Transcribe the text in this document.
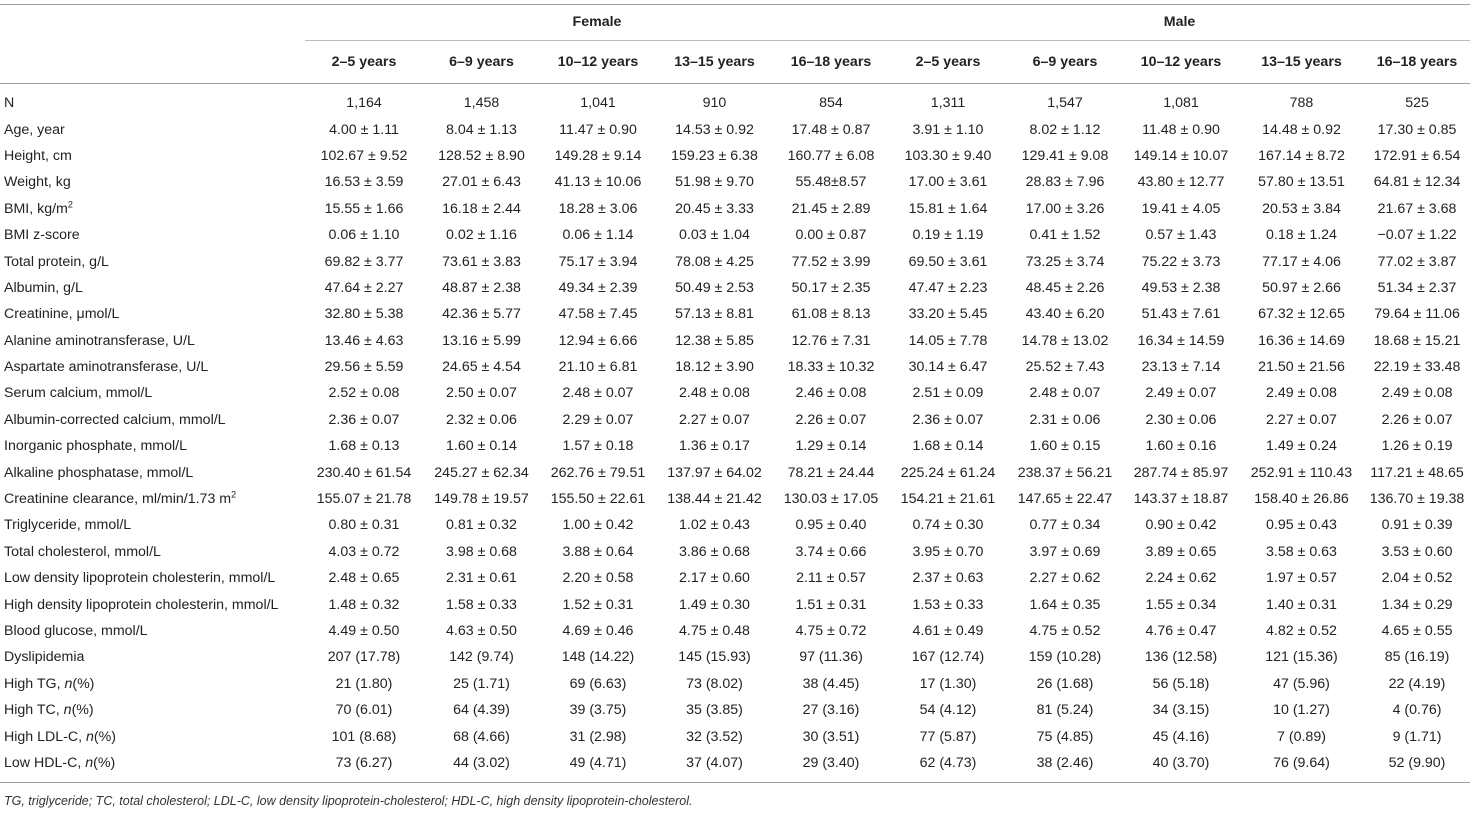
	Female					Male				
	2–5 years	6–9 years	10–12 years	13–15 years	16–18 years	2–5 years	6–9 years	10–12 years	13–15 years	16–18 years
N	1,164	1,458	1,041	910	854	1,311	1,547	1,081	788	525
Age, year	4.00 ± 1.11	8.04 ± 1.13	11.47 ± 0.90	14.53 ± 0.92	17.48 ± 0.87	3.91 ± 1.10	8.02 ± 1.12	11.48 ± 0.90	14.48 ± 0.92	17.30 ± 0.85
Height, cm	102.67 ± 9.52	128.52 ± 8.90	149.28 ± 9.14	159.23 ± 6.38	160.77 ± 6.08	103.30 ± 9.40	129.41 ± 9.08	149.14 ± 10.07	167.14 ± 8.72	172.91 ± 6.54
Weight, kg	16.53 ± 3.59	27.01 ± 6.43	41.13 ± 10.06	51.98 ± 9.70	55.48±8.57	17.00 ± 3.61	28.83 ± 7.96	43.80 ± 12.77	57.80 ± 13.51	64.81 ± 12.34
BMI, $kg/m^2$	15.55 ± 1.66	16.18 ± 2.44	18.28 ± 3.06	20.45 ± 3.33	21.45 ± 2.89	15.81 ± 1.64	17.00 ± 3.26	19.41 ± 4.05	20.53 ± 3.84	21.67 ± 3.68
BMI z-score	0.06 ± 1.10	0.02 ± 1.16	0.06 ± 1.14	0.03 ± 1.04	0.00 ± 0.87	0.19 ± 1.19	0.41 ± 1.52	0.57 ± 1.43	0.18 ± 1.24	−0.07 ± 1.22
Total protein, g/L	69.82 ± 3.77	73.61 ± 3.83	75.17 ± 3.94	78.08 ± 4.25	77.52 ± 3.99	69.50 ± 3.61	73.25 ± 3.74	75.22 ± 3.73	77.17 ± 4.06	77.02 ± 3.87
Albumin, g/L	47.64 ± 2.27	48.87 ± 2.38	49.34 ± 2.39	50.49 ± 2.53	50.17 ± 2.35	47.47 ± 2.23	48.45 ± 2.26	49.53 ± 2.38	50.97 ± 2.66	51.34 ± 2.37
Creatinine, μmol/L	32.80 ± 5.38	42.36 ± 5.77	47.58 ± 7.45	57.13 ± 8.81	61.08 ± 8.13	33.20 ± 5.45	43.40 ± 6.20	51.43 ± 7.61	67.32 ± 12.65	79.64 ± 11.06
Alanine aminotransferase, U/L	13.46 ± 4.63	13.16 ± 5.99	12.94 ± 6.66	12.38 ± 5.85	12.76 ± 7.31	14.05 ± 7.78	14.78 ± 13.02	16.34 ± 14.59	16.36 ± 14.69	18.68 ± 15.21
Aspartate aminotransferase, U/L	29.56 ± 5.59	24.65 ± 4.54	21.10 ± 6.81	18.12 ± 3.90	18.33 ± 10.32	30.14 ± 6.47	25.52 ± 7.43	23.13 ± 7.14	21.50 ± 21.56	22.19 ± 33.48
Serum calcium, mmol/L	2.52 ± 0.08	2.50 ± 0.07	2.48 ± 0.07	2.48 ± 0.08	2.46 ± 0.08	2.51 ± 0.09	2.48 ± 0.07	2.49 ± 0.07	2.49 ± 0.08	2.49 ± 0.08
Albumin-corrected calcium, mmol/L	2.36 ± 0.07	2.32 ± 0.06	2.29 ± 0.07	2.27 ± 0.07	2.26 ± 0.07	2.36 ± 0.07	2.31 ± 0.06	2.30 ± 0.06	2.27 ± 0.07	2.26 ± 0.07
Inorganic phosphate, mmol/L	1.68 ± 0.13	1.60 ± 0.14	1.57 ± 0.18	1.36 ± 0.17	1.29 ± 0.14	1.68 ± 0.14	1.60 ± 0.15	1.60 ± 0.16	1.49 ± 0.24	1.26 ± 0.19
Alkaline phosphatase, mmol/L	230.40 ± 61.54	245.27 ± 62.34	262.76 ± 79.51	137.97 ± 64.02	78.21 ± 24.44	225.24 ± 61.24	238.37 ± 56.21	287.74 ± 85.97	252.91 ± 110.43	117.21 ± 48.65
Creatinine clearance, ml/min/1.73 $m^2$	155.07 ± 21.78	149.78 ± 19.57	155.50 ± 22.61	138.44 ± 21.42	130.03 ± 17.05	154.21 ± 21.61	147.65 ± 22.47	143.37 ± 18.87	158.40 ± 26.86	136.70 ± 19.38
Triglyceride, mmol/L	0.80 ± 0.31	0.81 ± 0.32	1.00 ± 0.42	1.02 ± 0.43	0.95 ± 0.40	0.74 ± 0.30	0.77 ± 0.34	0.90 ± 0.42	0.95 ± 0.43	0.91 ± 0.39
Total cholesterol, mmol/L	4.03 ± 0.72	3.98 ± 0.68	3.88 ± 0.64	3.86 ± 0.68	3.74 ± 0.66	3.95 ± 0.70	3.97 ± 0.69	3.89 ± 0.65	3.58 ± 0.63	3.53 ± 0.60
Low density lipoprotein cholesterin, mmol/L	2.48 ± 0.65	2.31 ± 0.61	2.20 ± 0.58	2.17 ± 0.60	2.11 ± 0.57	2.37 ± 0.63	2.27 ± 0.62	2.24 ± 0.62	1.97 ± 0.57	2.04 ± 0.52
High density lipoprotein cholesterin, mmol/L	1.48 ± 0.32	1.58 ± 0.33	1.52 ± 0.31	1.49 ± 0.30	1.51 ± 0.31	1.53 ± 0.33	1.64 ± 0.35	1.55 ± 0.34	1.40 ± 0.31	1.34 ± 0.29
Blood glucose, mmol/L	4.49 ± 0.50	4.63 ± 0.50	4.69 ± 0.46	4.75 ± 0.48	4.75 ± 0.72	4.61 ± 0.49	4.75 ± 0.52	4.76 ± 0.47	4.82 ± 0.52	4.65 ± 0.55
Dyslipidemia	207 (17.78)	142 (9.74)	148 (14.22)	145 (15.93)	97 (11.36)	167 (12.74)	159 (10.28)	136 (12.58)	121 (15.36)	85 (16.19)
High TG, n(%)	21 (1.80)	25 (1.71)	69 (6.63)	73 (8.02)	38 (4.45)	17 (1.30)	26 (1.68)	56 (5.18)	47 (5.96)	22 (4.19)
High TC, n(%)	70 (6.01)	64 (4.39)	39 (3.75)	35 (3.85)	27 (3.16)	54 (4.12)	81 (5.24)	34 (3.15)	10 (1.27)	4 (0.76)
High LDL-C, n(%)	101 (8.68)	68 (4.66)	31 (2.98)	32 (3.52)	30 (3.51)	77 (5.87)	75 (4.85)	45 (4.16)	7 (0.89)	9 (1.71)
Low HDL-C, n(%)	73 (6.27)	44 (3.02)	49 (4.71)	37 (4.07)	29 (3.40)	62 (4.73)	38 (2.46)	40 (3.70)	76 (9.64)	52 (9.90)
TG, triglyceride; TC, total cholesterol; LDL-C, low density lipoprotein-cholesterol; HDL-C, high density lipoprotein-cholesterol.
